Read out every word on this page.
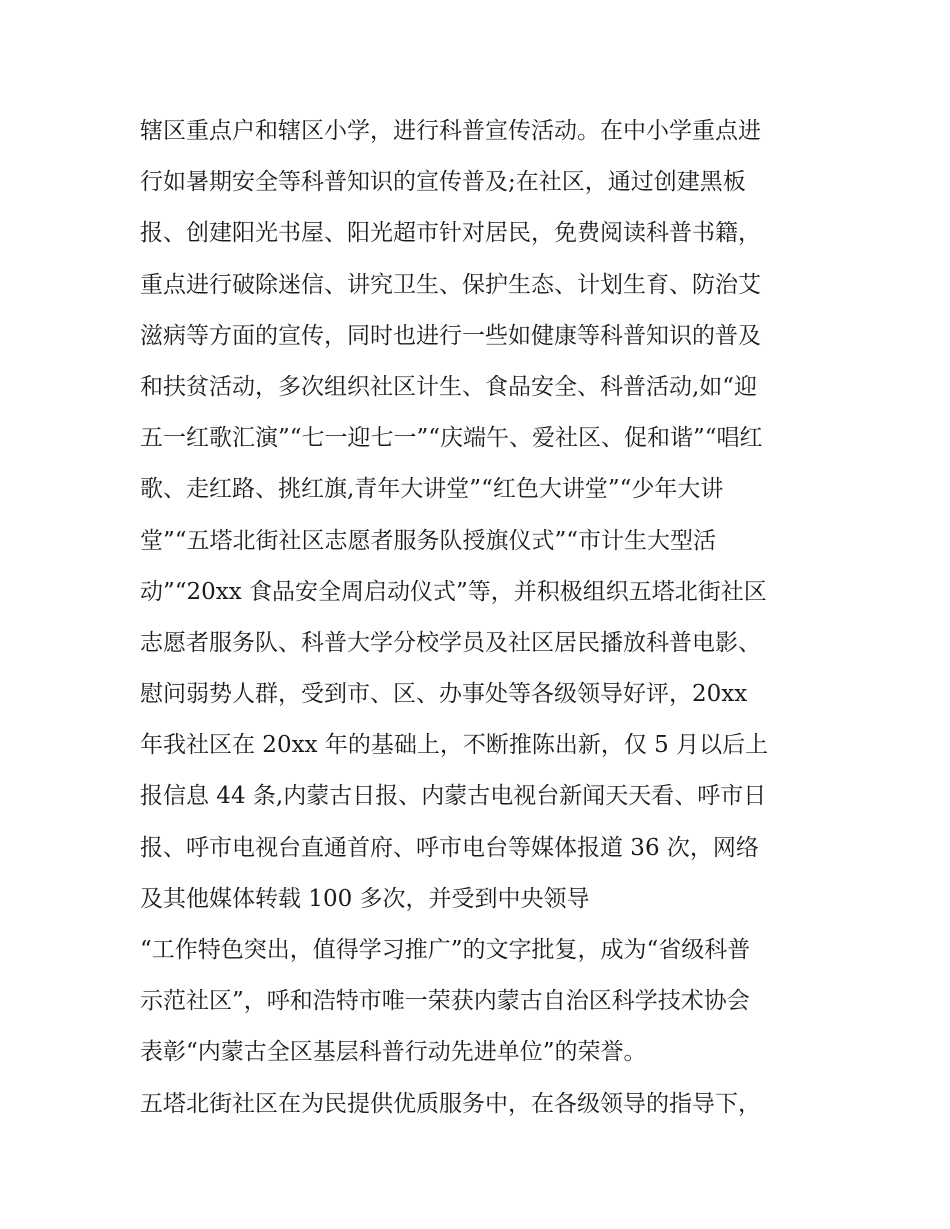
辖区重点户和辖区小学，进行科普宣传活动。在中小学重点进
行如暑期安全等科普知识的宣传普及;在社区，通过创建黑板
报、创建阳光书屋、阳光超市针对居民，免费阅读科普书籍，
重点进行破除迷信、讲究卫生、保护生态、计划生育、防治艾
滋病等方面的宣传，同时也进行一些如健康等科普知识的普及
和扶贫活动，多次组织社区计生、食品安全、科普活动,如“迎
五一红歌汇演”“七一迎七一”“庆端午、爱社区、促和谐”“唱红
歌、走红路、挑红旗,青年大讲堂”“红色大讲堂”“少年大讲
堂”“五塔北街社区志愿者服务队授旗仪式”“市计生大型活
动”“20xx 食品安全周启动仪式”等，并积极组织五塔北街社区
志愿者服务队、科普大学分校学员及社区居民播放科普电影、
慰问弱势人群，受到市、区、办事处等各级领导好评，20xx
年我社区在 20xx 年的基础上，不断推陈出新，仅 5 月以后上
报信息 44 条,内蒙古日报、内蒙古电视台新闻天天看、呼市日
报、呼市电视台直通首府、呼市电台等媒体报道 36 次，网络
及其他媒体转载 100 多次，并受到中央领导
“工作特色突出，值得学习推广”的文字批复，成为“省级科普
示范社区”，呼和浩特市唯一荣获内蒙古自治区科学技术协会
表彰“内蒙古全区基层科普行动先进单位”的荣誉。
五塔北街社区在为民提供优质服务中，在各级领导的指导下，
